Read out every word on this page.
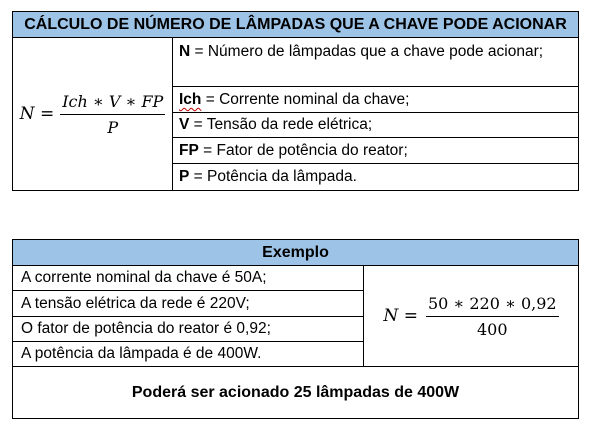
CÁLCULO DE NÚMERO DE LÂMPADAS QUE A CHAVE PODE ACIONAR
$N = \frac{\text{Ich ∗ V ∗ FP}}{P}$
N = Número de lâmpadas que a chave pode acionar;
Ich = Corrente nominal da chave;
V = Tensão da rede elétrica;
FP = Fator de potência do reator;
P = Potência da lâmpada.
Exemplo
A corrente nominal da chave é 50A;
A tensão elétrica da rede é 220V;
O fator de potência do reator é 0,92;
A potência da lâmpada é de 400W.
$N = \frac{50 ∗ 220 ∗ 0,92}{400}$
Poderá ser acionado 25 lâmpadas de 400W
